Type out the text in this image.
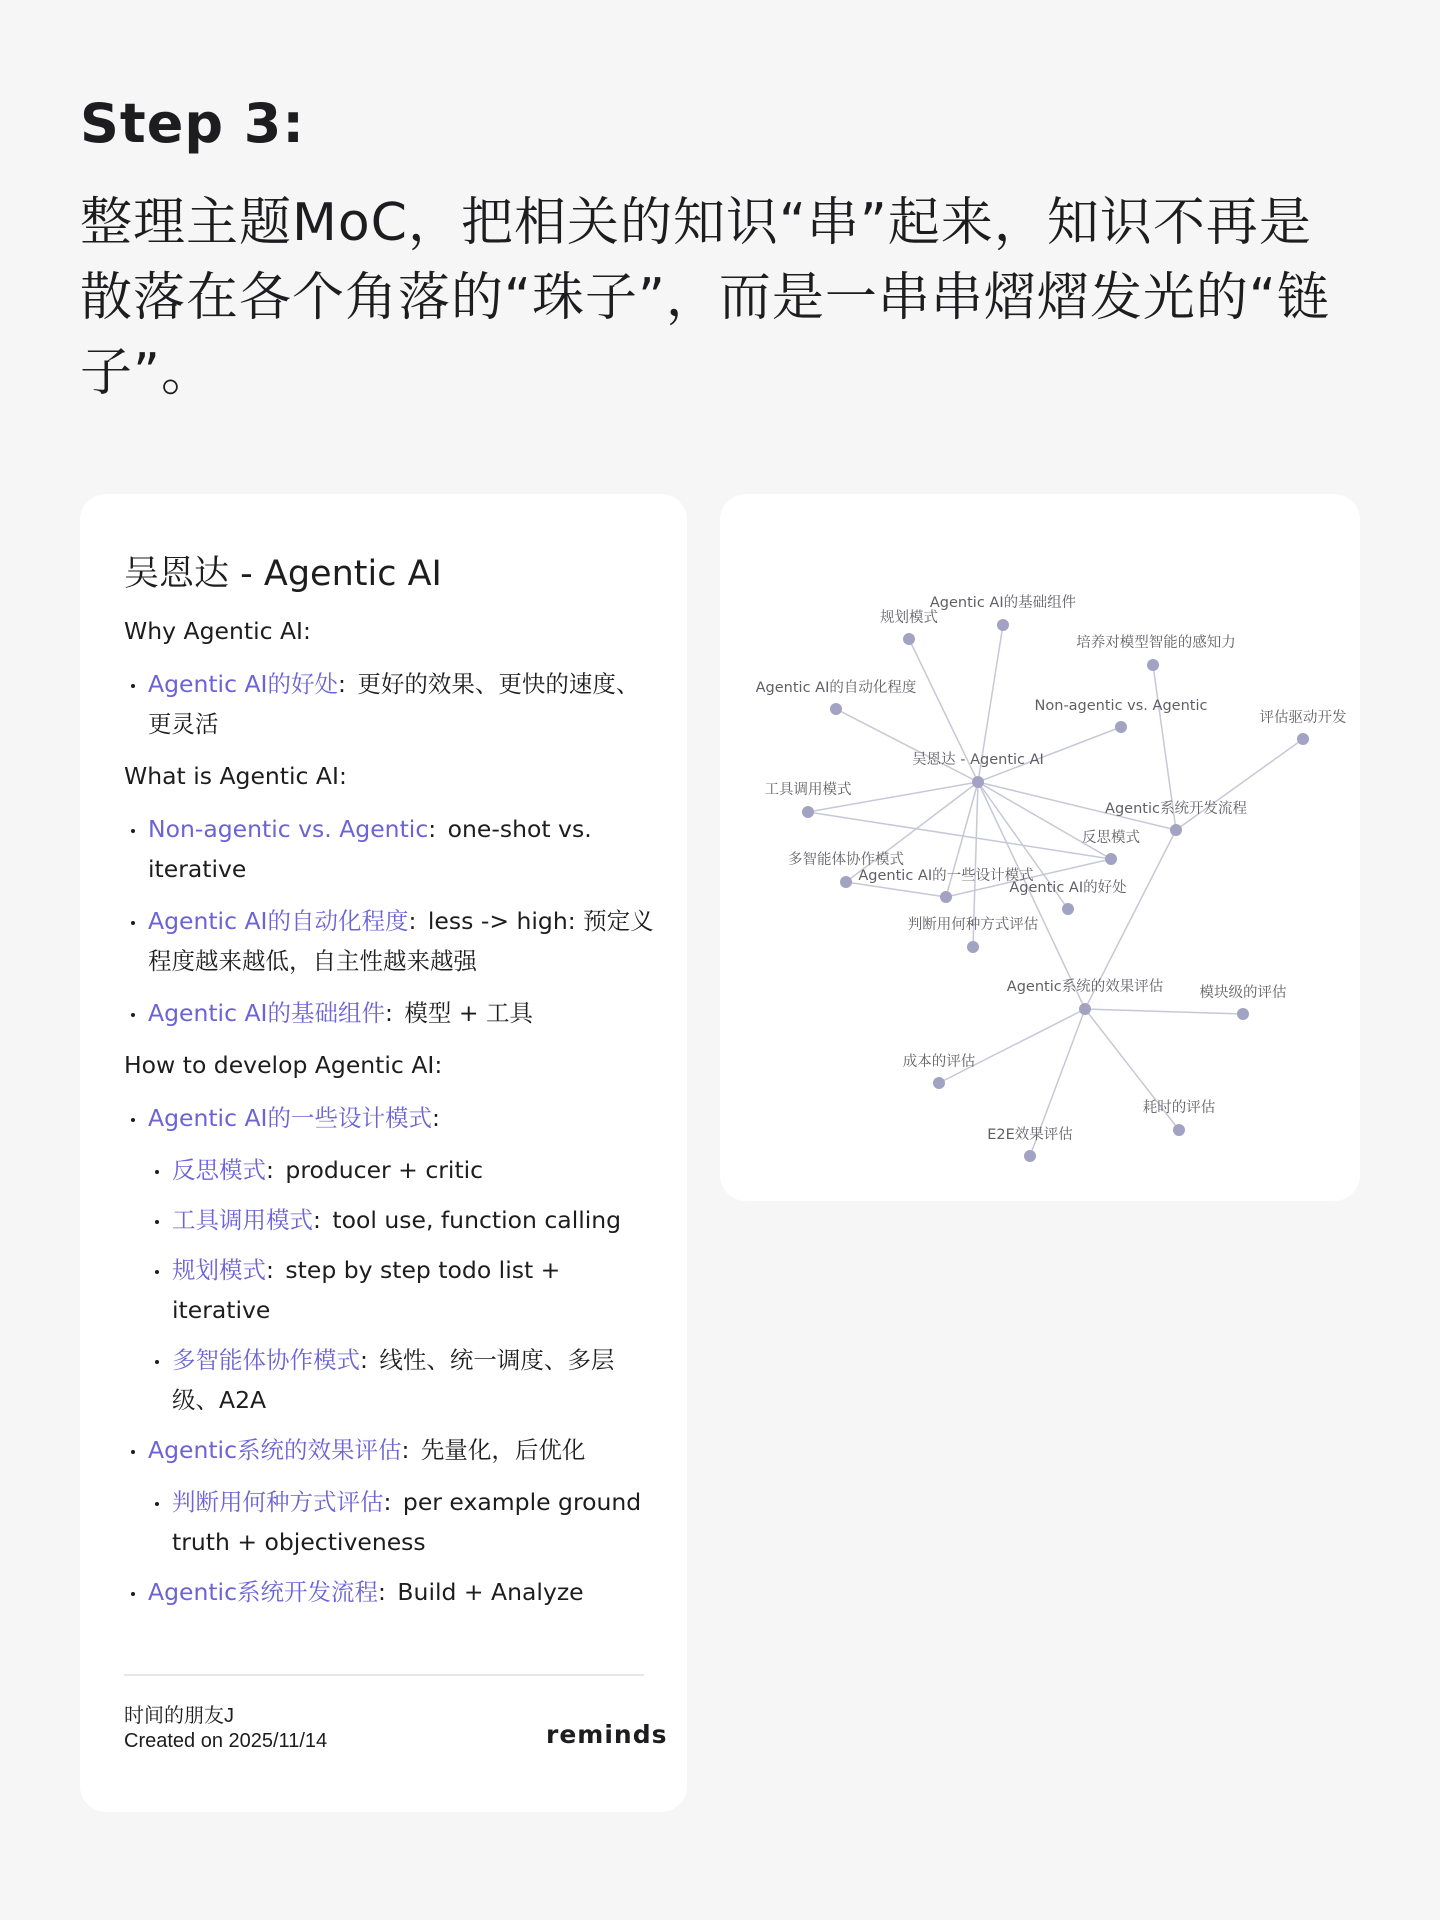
Step 3:
整理主题MoC，把相关的知识“串”起来，知识不再是散落在各个角落的“珠子”，而是一串串熠熠发光的“链子”。
吴恩达 - Agentic AI
Why Agentic AI:
Agentic AI的好处: 更好的效果、更快的速度、更灵活
What is Agentic AI:
Non-agentic vs. Agentic: one-shot vs. iterative
Agentic AI的自动化程度: less -> high: 预定义程度越来越低，自主性越来越强
Agentic AI的基础组件: 模型 + 工具
How to develop Agentic AI:
Agentic AI的一些设计模式:
反思模式: producer + critic
工具调用模式: tool use, function calling
规划模式: step by step todo list + iterative
多智能体协作模式: 线性、统一调度、多层级、A2A
Agentic系统的效果评估: 先量化，后优化
判断用何种方式评估: per example ground truth + objectiveness
Agentic系统开发流程: Build + Analyze
时间的朋友J
Created on 2025/11/14	reminds
吴恩达 - Agentic AI
规划模式
Agentic AI的基础组件
培养对模型智能的感知力
Agentic AI的自动化程度
Non-agentic vs. Agentic
评估驱动开发
工具调用模式
Agentic系统开发流程
反思模式
多智能体协作模式
Agentic AI的一些设计模式
Agentic AI的好处
判断用何种方式评估
Agentic系统的效果评估	模块级的评估
成本的评估
耗时的评估
E2E效果评估
